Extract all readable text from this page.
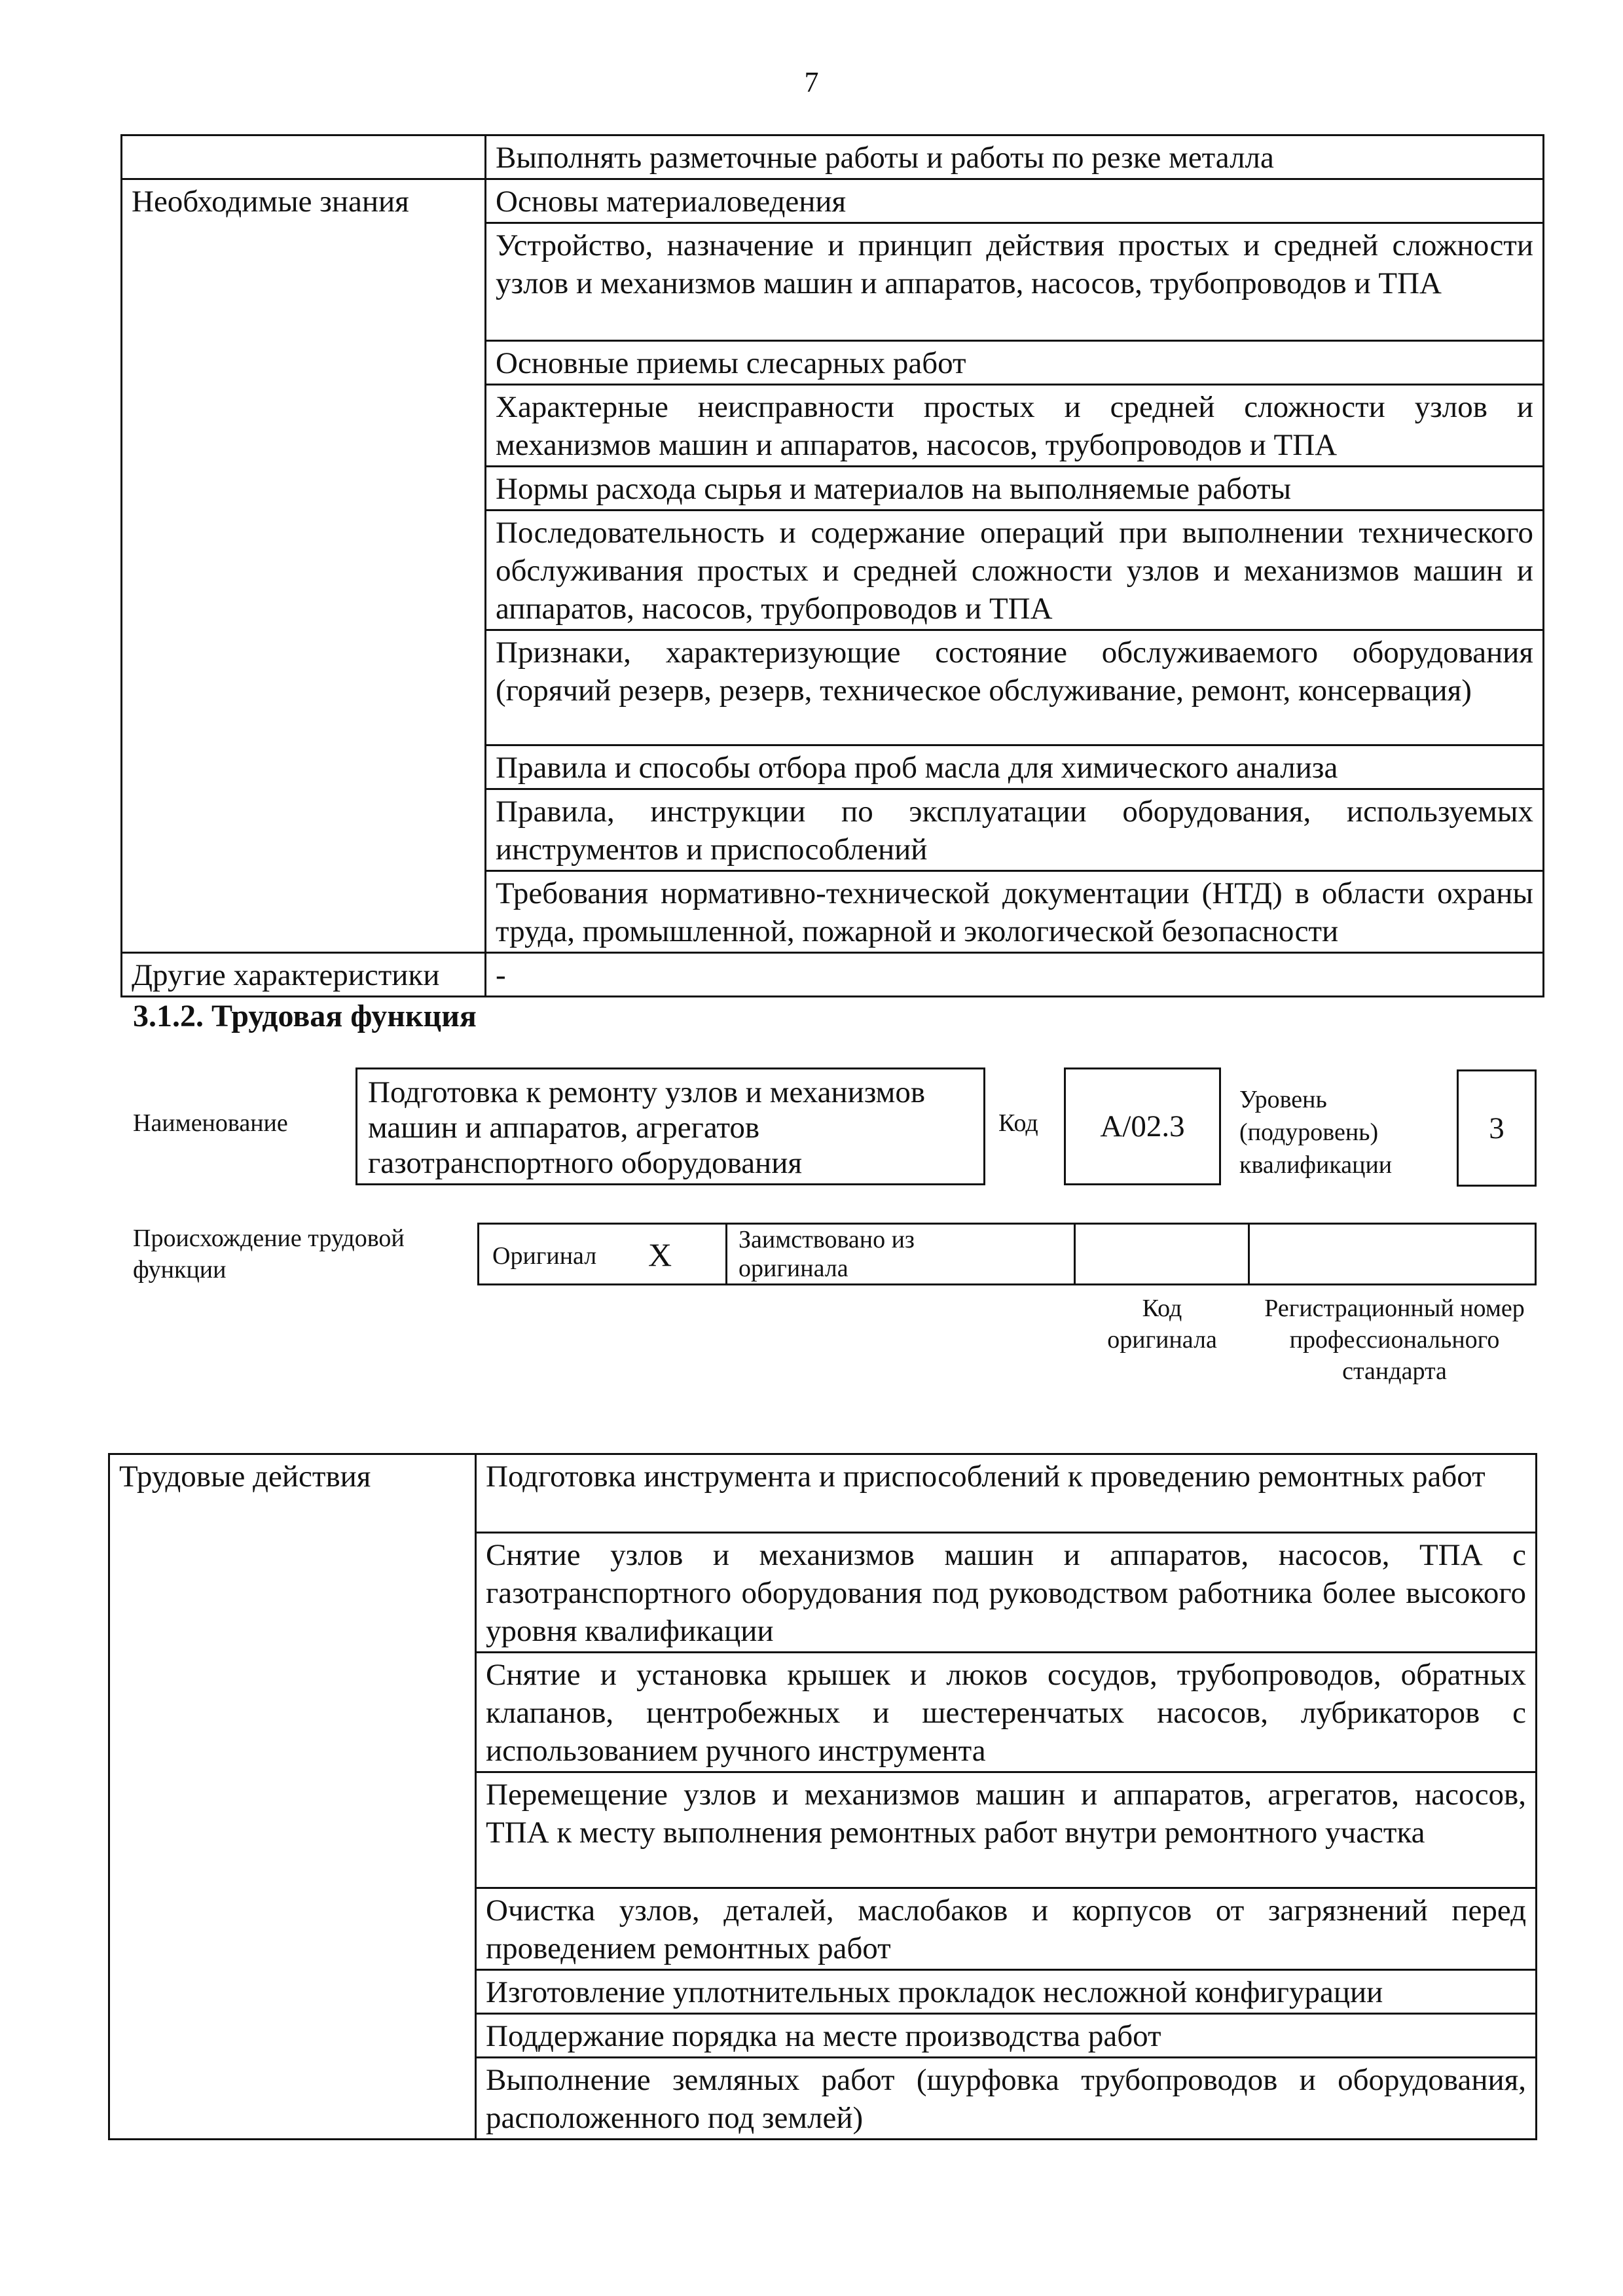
7
	Выполнять разметочные работы и работы по резке металла
Необходимые знания	Основы материаловедения
	Устройство, назначение и принцип действия простых и средней сложности узлов и механизмов машин и аппаратов, насосов, трубопроводов и ТПА
	Основные приемы слесарных работ
	Характерные неисправности простых и средней сложности узлов и механизмов машин и аппаратов, насосов, трубопроводов и ТПА
	Нормы расхода сырья и материалов на выполняемые работы
	Последовательность и содержание операций при выполнении технического обслуживания простых и средней сложности узлов и механизмов машин и аппаратов, насосов, трубопроводов и ТПА
	Признаки, характеризующие состояние обслуживаемого оборудования (горячий резерв, резерв, техническое обслуживание, ремонт, консервация)
	Правила и способы отбора проб масла для химического анализа
	Правила, инструкции по эксплуатации оборудования, используемых инструментов и приспособлений
	Требования нормативно-технической документации (НТД) в области охраны труда, промышленной, пожарной и экологической безопасности
Другие характеристики	-
3.1.2. Трудовая функция
Наименование
Подготовка к ремонту узлов и механизмов машин и аппаратов, агрегатов газотранспортного оборудования
Код А/02.3
Уровень (подуровень) квалификации
3
Происхождение трудовой функции	Оригинал X	Заимствовано из оригинала
Код оригинала
Регистрационный номер профессионального стандарта
Трудовые действия	Подготовка инструмента и приспособлений к проведению ремонтных работ
Снятие узлов и механизмов машин и аппаратов, насосов, ТПА с газотранспортного оборудования под руководством работника более высокого уровня квалификации
Снятие и установка крышек и люков сосудов, трубопроводов, обратных клапанов, центробежных и шестеренчатых насосов, лубрикаторов с использованием ручного инструмента
Перемещение узлов и механизмов машин и аппаратов, агрегатов, насосов, ТПА к месту выполнения ремонтных работ внутри ремонтного участка
Очистка узлов, деталей, маслобаков и корпусов от загрязнений перед проведением ремонтных работ
Изготовление уплотнительных прокладок несложной конфигурации
Поддержание порядка на месте производства работ
Выполнение земляных работ (шурфовка трубопроводов и оборудования, расположенного под землей)
